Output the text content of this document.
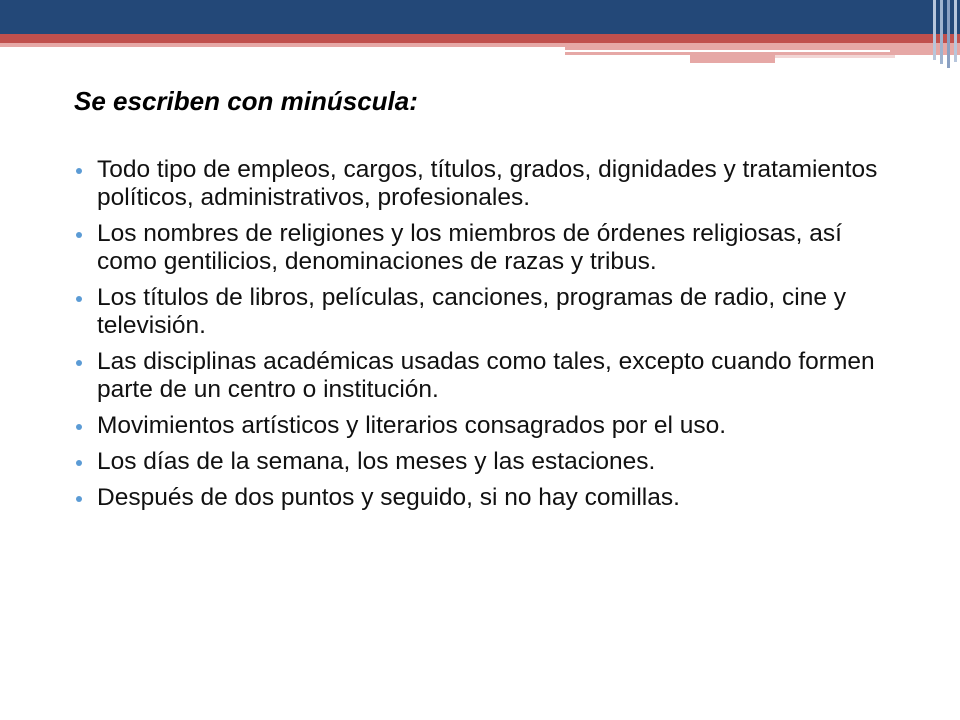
Se escriben con minúscula:
Todo tipo de empleos, cargos, títulos, grados, dignidades y tratamientos políticos, administrativos, profesionales.
Los nombres de religiones y los miembros de órdenes religiosas, así como gentilicios, denominaciones de razas y tribus.
Los títulos de libros, películas, canciones, programas de radio, cine y televisión.
Las disciplinas académicas usadas como tales, excepto cuando formen parte de un centro o institución.
Movimientos artísticos y literarios consagrados por el uso.
Los días de la semana, los meses y las estaciones.
Después de dos puntos y seguido, si no hay comillas.
